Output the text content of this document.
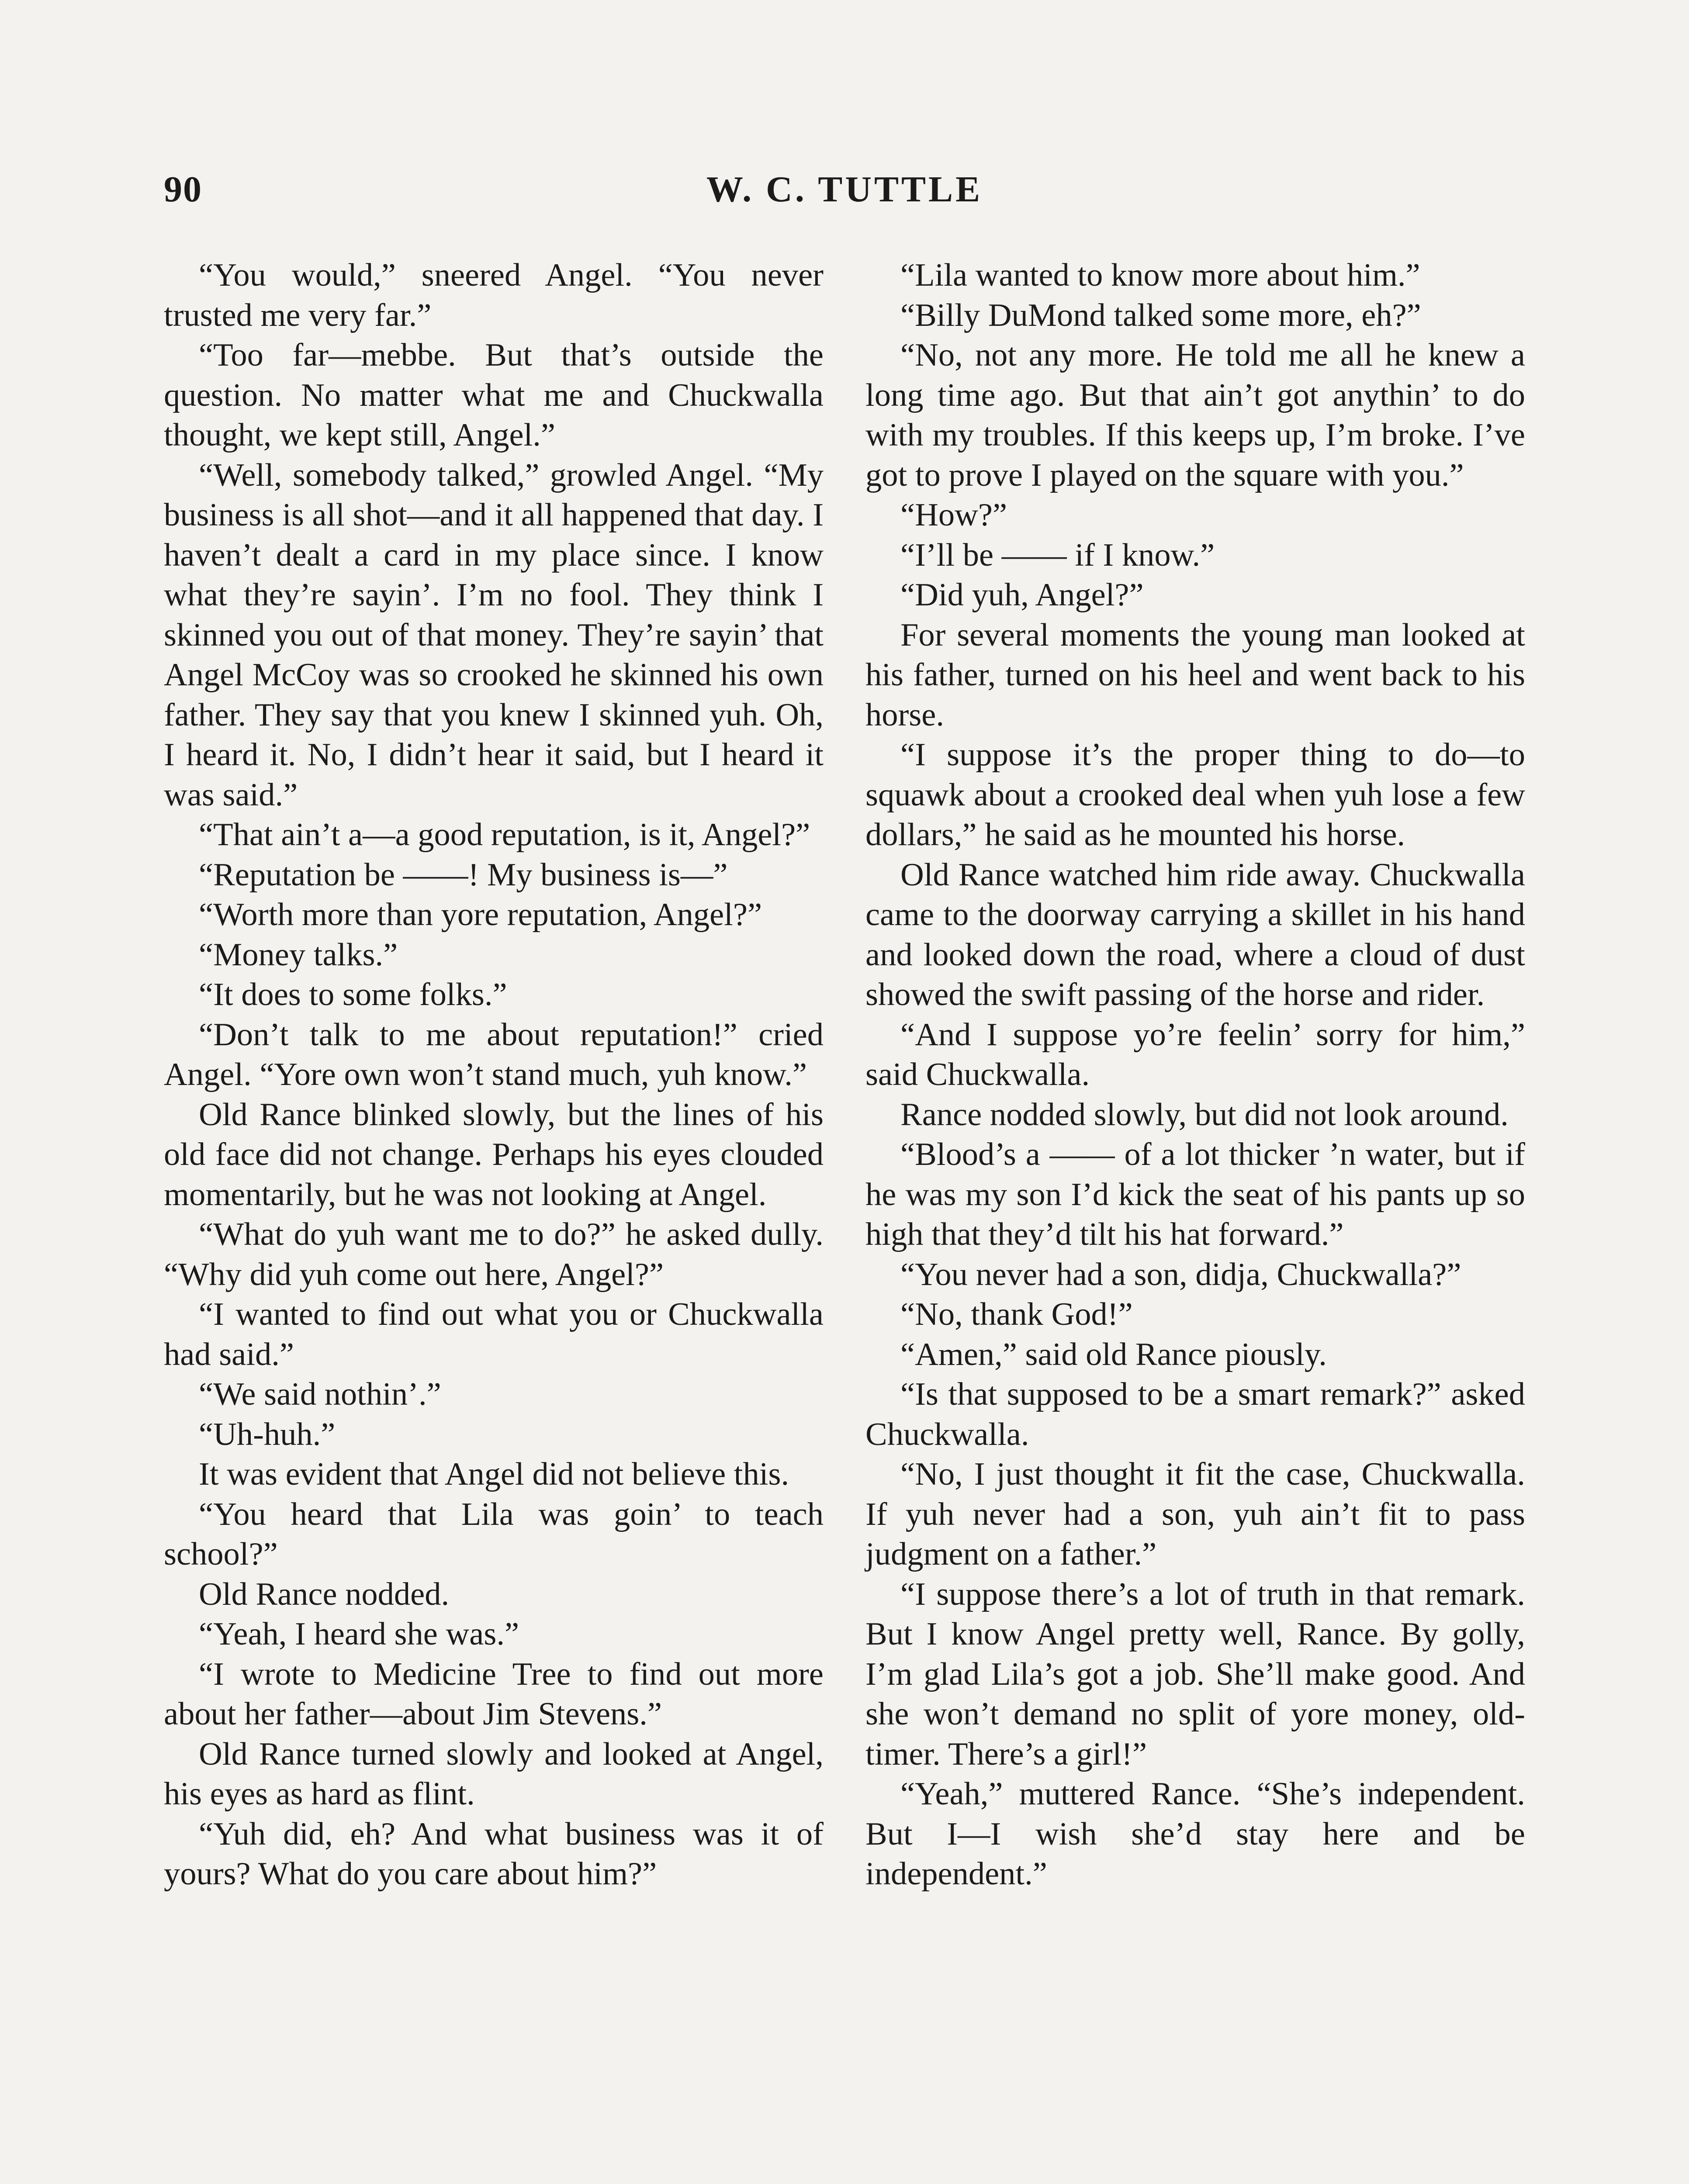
90	W. C. TUTTLE

“You would,” sneered Angel. “You never trusted me very far.”

“Too far—mebbe. But that’s outside the question. No matter what me and Chuckwalla thought, we kept still, Angel.”

“Well, somebody talked,” growled Angel. “My business is all shot—and it all happened that day. I haven’t dealt a card in my place since. I know what they’re sayin’. I’m no fool. They think I skinned you out of that money. They’re sayin’ that Angel McCoy was so crooked he skinned his own father. They say that you knew I skinned yuh. Oh, I heard it. No, I didn’t hear it said, but I heard it was said.”

“That ain’t a—a good reputation, is it, Angel?”

“Reputation be ——! My business is—”

“Worth more than yore reputation, Angel?”

“Money talks.”

“It does to some folks.”

“Don’t talk to me about reputation!” cried Angel. “Yore own won’t stand much, yuh know.”

Old Rance blinked slowly, but the lines of his old face did not change. Perhaps his eyes clouded momentarily, but he was not looking at Angel.

“What do yuh want me to do?” he asked dully. “Why did yuh come out here, Angel?”

“I wanted to find out what you or Chuckwalla had said.”

“We said nothin’.”

“Uh-huh.”

It was evident that Angel did not believe this.

“You heard that Lila was goin’ to teach school?”

Old Rance nodded.

“Yeah, I heard she was.”

“I wrote to Medicine Tree to find out more about her father—about Jim Stevens.”

Old Rance turned slowly and looked at Angel, his eyes as hard as flint.

“Yuh did, eh? And what business was it of yours? What do you care about him?”

“Lila wanted to know more about him.”

“Billy DuMond talked some more, eh?”

“No, not any more. He told me all he knew a long time ago. But that ain’t got anythin’ to do with my troubles. If this keeps up, I’m broke. I’ve got to prove I played on the square with you.”

“How?”

“I’ll be —— if I know.”

“Did yuh, Angel?”

For several moments the young man looked at his father, turned on his heel and went back to his horse.

“I suppose it’s the proper thing to do—to squawk about a crooked deal when yuh lose a few dollars,” he said as he mounted his horse.

Old Rance watched him ride away. Chuckwalla came to the doorway carrying a skillet in his hand and looked down the road, where a cloud of dust showed the swift passing of the horse and rider.

“And I suppose yo’re feelin’ sorry for him,” said Chuckwalla.

Rance nodded slowly, but did not look around.

“Blood’s a —— of a lot thicker ’n water, but if he was my son I’d kick the seat of his pants up so high that they’d tilt his hat forward.”

“You never had a son, didja, Chuckwalla?”

“No, thank God!”

“Amen,” said old Rance piously.

“Is that supposed to be a smart remark?” asked Chuckwalla.

“No, I just thought it fit the case, Chuckwalla. If yuh never had a son, yuh ain’t fit to pass judgment on a father.”

“I suppose there’s a lot of truth in that remark. But I know Angel pretty well, Rance. By golly, I’m glad Lila’s got a job. She’ll make good. And she won’t demand no split of yore money, old-timer. There’s a girl!”

“Yeah,” muttered Rance. “She’s independent. But I—I wish she’d stay here and be independent.”
